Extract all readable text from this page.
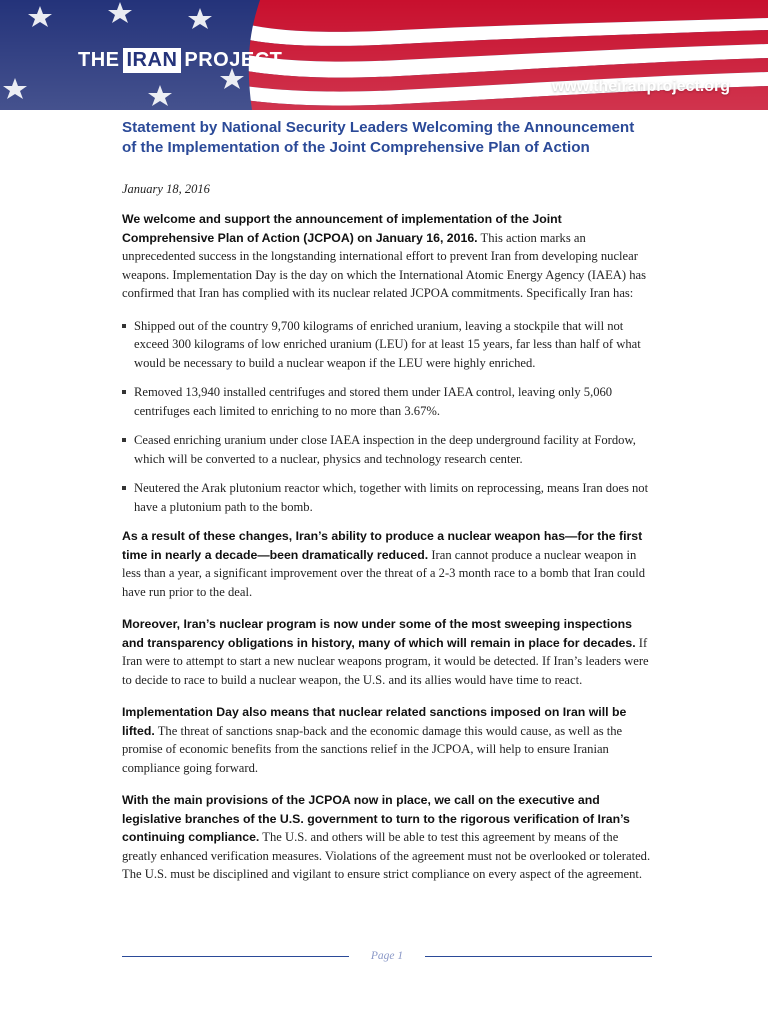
THE IRAN PROJECT
www.theiranproject.org
Statement by National Security Leaders Welcoming the Announcement of the Implementation of the Joint Comprehensive Plan of Action
January 18, 2016

We welcome and support the announcement of implementation of the Joint Comprehensive Plan of Action (JCPOA) on January 16, 2016. This action marks an unprecedented success in the longstanding international effort to prevent Iran from developing nuclear weapons. Implementation Day is the day on which the International Atomic Energy Agency (IAEA) has confirmed that Iran has complied with its nuclear related JCPOA commitments. Specifically Iran has:

Shipped out of the country 9,700 kilograms of enriched uranium, leaving a stockpile that will not exceed 300 kilograms of low enriched uranium (LEU) for at least 15 years, far less than half of what would be necessary to build a nuclear weapon if the LEU were highly enriched.
Removed 13,940 installed centrifuges and stored them under IAEA control, leaving only 5,060 centrifuges each limited to enriching to no more than 3.67%.
Ceased enriching uranium under close IAEA inspection in the deep underground facility at Fordow, which will be converted to a nuclear, physics and technology research center.
Neutered the Arak plutonium reactor which, together with limits on reprocessing, means Iran does not have a plutonium path to the bomb.

As a result of these changes, Iran’s ability to produce a nuclear weapon has—for the first time in nearly a decade—been dramatically reduced. Iran cannot produce a nuclear weapon in less than a year, a significant improvement over the threat of a 2-3 month race to a bomb that Iran could have run prior to the deal.

Moreover, Iran’s nuclear program is now under some of the most sweeping inspections and transparency obligations in history, many of which will remain in place for decades. If Iran were to attempt to start a new nuclear weapons program, it would be detected. If Iran’s leaders were to decide to race to build a nuclear weapon, the U.S. and its allies would have time to react.

Implementation Day also means that nuclear related sanctions imposed on Iran will be lifted. The threat of sanctions snap-back and the economic damage this would cause, as well as the promise of economic benefits from the sanctions relief in the JCPOA, will help to ensure Iranian compliance going forward.

With the main provisions of the JCPOA now in place, we call on the executive and legislative branches of the U.S. government to turn to the rigorous verification of Iran’s continuing compliance. The U.S. and others will be able to test this agreement by means of the greatly enhanced verification measures. Violations of the agreement must not be overlooked or tolerated. The U.S. must be disciplined and vigilant to ensure strict compliance on every aspect of the agreement.

Page 1
